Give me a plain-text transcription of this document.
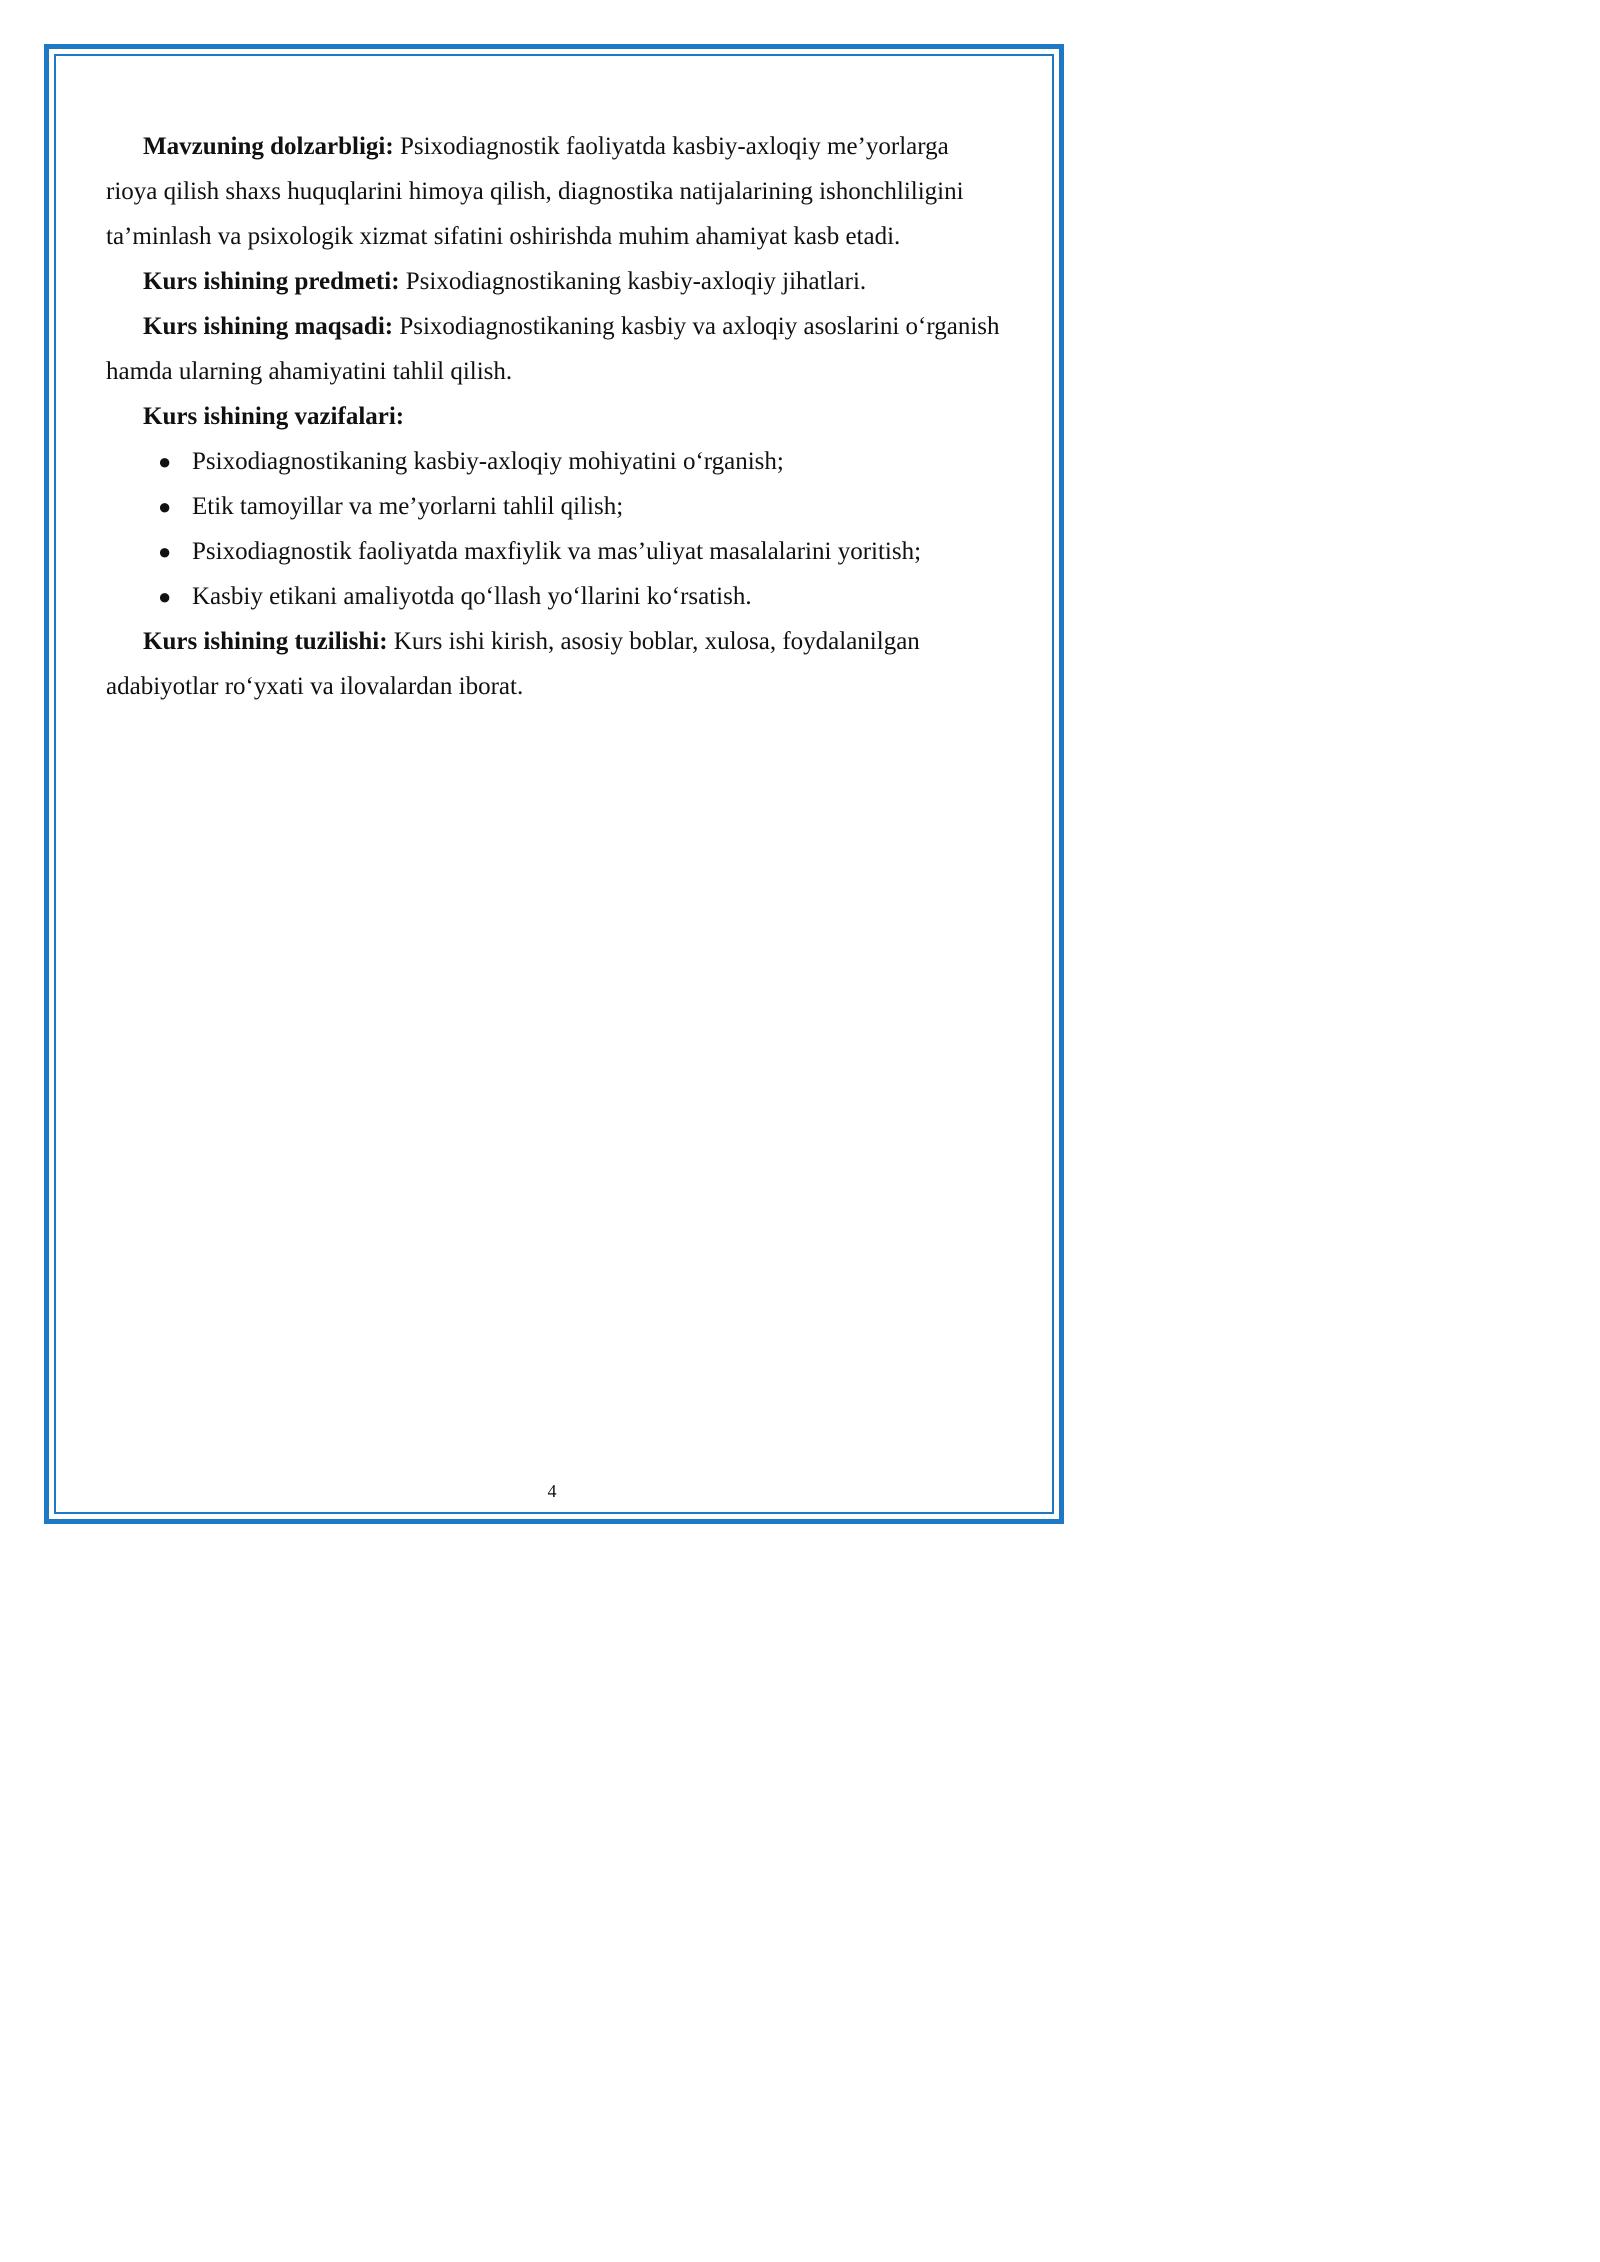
Mavzuning dolzarbligi: Psixodiagnostik faoliyatda kasbiy-axloqiy me’yorlarga rioya qilish shaxs huquqlarini himoya qilish, diagnostika natijalarining ishonchliligini ta’minlash va psixologik xizmat sifatini oshirishda muhim ahamiyat kasb etadi.

Kurs ishining predmeti: Psixodiagnostikaning kasbiy-axloqiy jihatlari.

Kurs ishining maqsadi: Psixodiagnostikaning kasbiy va axloqiy asoslarini o‘rganish hamda ularning ahamiyatini tahlil qilish.

Kurs ishining vazifalari:

● Psixodiagnostikaning kasbiy-axloqiy mohiyatini o‘rganish;
● Etik tamoyillar va me’yorlarni tahlil qilish;
● Psixodiagnostik faoliyatda maxfiylik va mas’uliyat masalalarini yoritish;
● Kasbiy etikani amaliyotda qo‘llash yo‘llarini ko‘rsatish.

Kurs ishining tuzilishi: Kurs ishi kirish, asosiy boblar, xulosa, foydalanilgan adabiyotlar ro‘yxati va ilovalardan iborat.

4
